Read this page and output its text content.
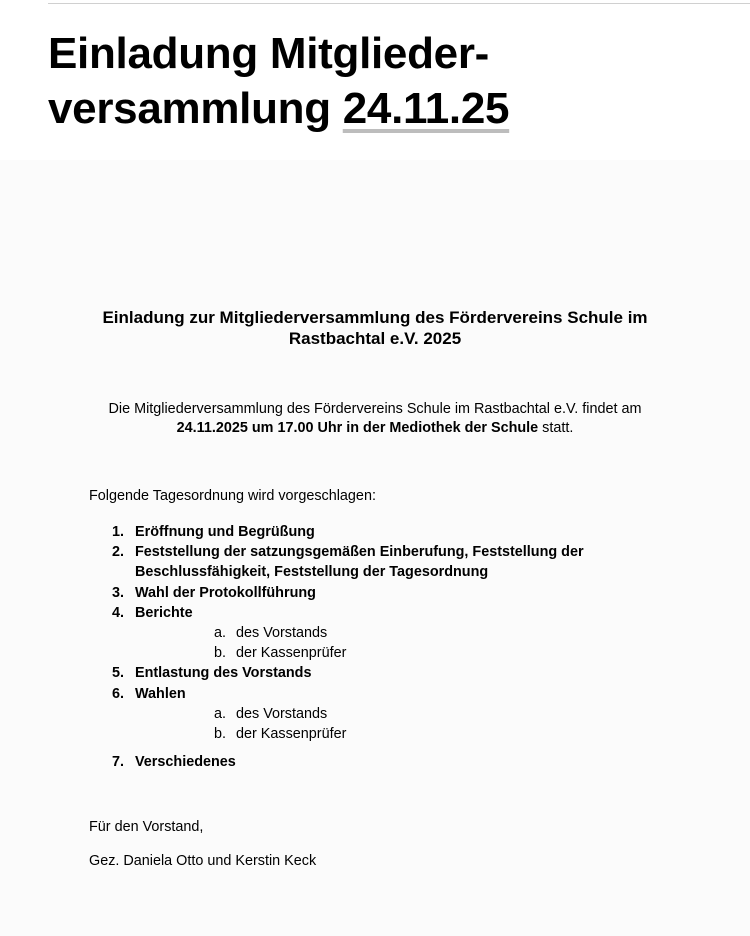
Einladung Mitglieder-
versammlung 24.11.25

Einladung zur Mitgliederversammlung des Fördervereins Schule im Rastbachtal e.V. 2025

Die Mitgliederversammlung des Fördervereins Schule im Rastbachtal e.V. findet am
24.11.2025 um 17.00 Uhr in der Mediothek der Schule statt.

Folgende Tagesordnung wird vorgeschlagen:

1. Eröffnung und Begrüßung
2. Feststellung der satzungsgemäßen Einberufung, Feststellung der Beschlussfähigkeit, Feststellung der Tagesordnung
3. Wahl der Protokollführung
4. Berichte
a. des Vorstands
b. der Kassenprüfer
5. Entlastung des Vorstands
6. Wahlen
a. des Vorstands
b. der Kassenprüfer
7. Verschiedenes

Für den Vorstand,

Gez. Daniela Otto und Kerstin Keck
